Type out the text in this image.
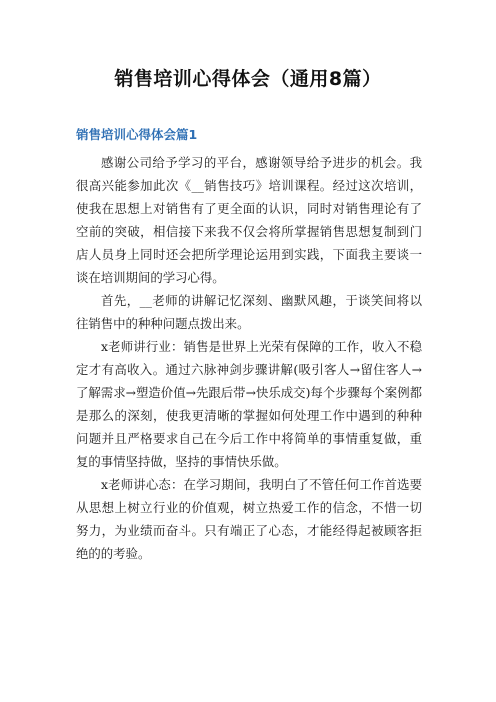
销售培训心得体会（通用8篇）
销售培训心得体会篇1

感谢公司给予学习的平台，感谢领导给予进步的机会。我很高兴能参加此次《__销售技巧》培训课程。经过这次培训，使我在思想上对销售有了更全面的认识，同时对销售理论有了空前的突破，相信接下来我不仅会将所掌握销售思想复制到门店人员身上同时还会把所学理论运用到实践，下面我主要谈一谈在培训期间的学习心得。

首先，__老师的讲解记忆深刻、幽默风趣，于谈笑间将以往销售中的种种问题点拨出来。

x老师讲行业：销售是世界上光荣有保障的工作，收入不稳定才有高收入。通过六脉神剑步骤讲解(吸引客人→留住客人→了解需求→塑造价值→先跟后带→快乐成交)每个步骤每个案例都是那么的深刻，使我更清晰的掌握如何处理工作中遇到的种种问题并且严格要求自己在今后工作中将简单的事情重复做，重复的事情坚持做，坚持的事情快乐做。

x老师讲心态：在学习期间，我明白了不管任何工作首选要从思想上树立行业的价值观，树立热爱工作的信念，不惜一切努力，为业绩而奋斗。只有端正了心态，才能经得起被顾客拒绝的的考验。
